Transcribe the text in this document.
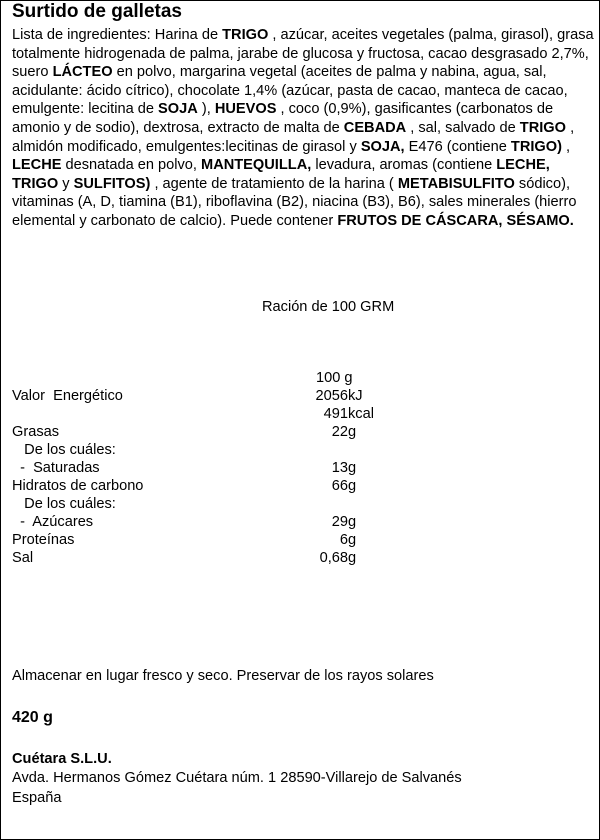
Surtido de galletas

Lista de ingredientes: Harina de TRIGO , azúcar, aceites vegetales (palma, girasol), grasa totalmente hidrogenada de palma, jarabe de glucosa y fructosa, cacao desgrasado 2,7%, suero LÁCTEO en polvo, margarina vegetal (aceites de palma y nabina, agua, sal, acidulante: ácido cítrico), chocolate 1,4% (azúcar, pasta de cacao, manteca de cacao, emulgente: lecitina de SOJA ), HUEVOS , coco (0,9%), gasificantes (carbonatos de amonio y de sodio), dextrosa, extracto de malta de CEBADA , sal, salvado de TRIGO , almidón modificado, emulgentes:lecitinas de girasol y SOJA, E476 (contiene TRIGO) , LECHE desnatada en polvo, MANTEQUILLA, levadura, aromas (contiene LECHE, TRIGO y SULFITOS) , agente de tratamiento de la harina ( METABISULFITO sódico), vitaminas (A, D, tiamina (B1), riboflavina (B2), niacina (B3), B6), sales minerales (hierro elemental y carbonato de calcio). Puede contener FRUTOS DE CÁSCARA, SÉSAMO.

Ración de 100 GRM
100 g
Valor  Energético	2056 kJ
491 kcal
Grasas	22 g
De los cuáles:
-  Saturadas	13 g
Hidratos de carbono	66 g
De los cuáles:
-  Azúcares	29 g
Proteínas	6 g
Sal	0,68 g
Almacenar en lugar fresco y seco. Preservar de los rayos solares
420 g
Cuétara S.L.U.
Avda. Hermanos Gómez Cuétara núm. 1 28590-Villarejo de Salvanés
España
